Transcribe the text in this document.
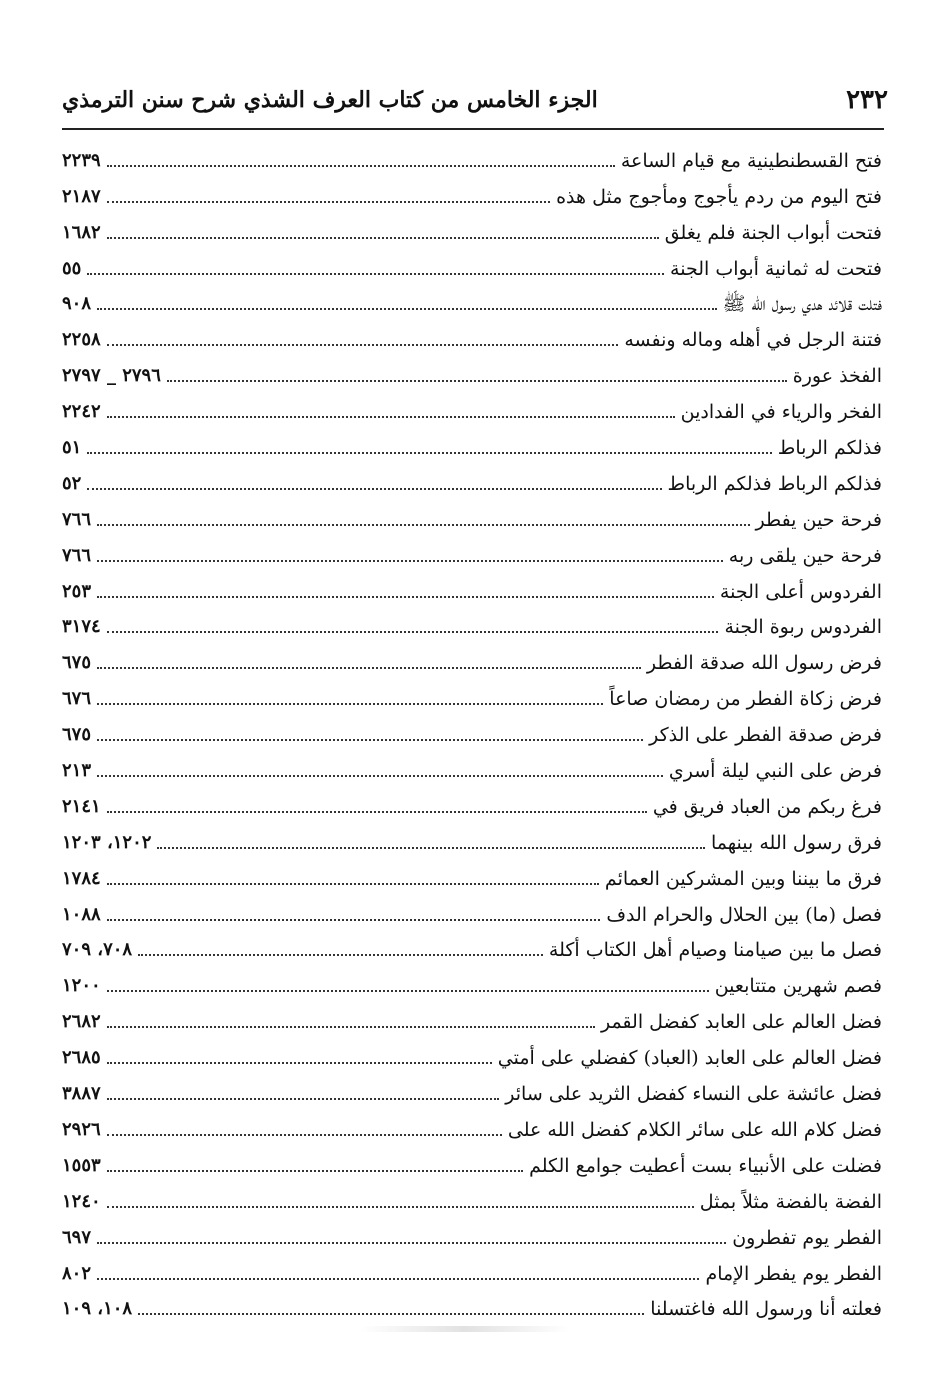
٢٣٢
الجزء الخامس من كتاب العرف الشذي شرح سنن الترمذي
فتح القسطنطينية مع قيام الساعة
٢٢٣٩
فتح اليوم من ردم يأجوج ومأجوج مثل هذه
٢١٨٧
فتحت أبواب الجنة فلم يغلق
١٦٨٢
فتحت له ثمانية أبواب الجنة
٥٥
فتلت قلائد هدي رسول الله ﷺ
٩٠٨
فتنة الرجل في أهله وماله ونفسه
٢٢٥٨
الفخذ عورة
٢٧٩٦ _ ٢٧٩٧
الفخر والرياء في الفدادين
٢٢٤٢
فذلكم الرباط
٥١
فذلكم الرباط فذلكم الرباط
٥٢
فرحة حين يفطر
٧٦٦
فرحة حين يلقى ربه
٧٦٦
الفردوس أعلى الجنة
٢٥٣
الفردوس ربوة الجنة
٣١٧٤
فرض رسول الله صدقة الفطر
٦٧٥
فرض زكاة الفطر من رمضان صاعاً
٦٧٦
فرض صدقة الفطر على الذكر
٦٧٥
فرض على النبي ليلة أسري
٢١٣
فرغ ربكم من العباد فريق في
٢١٤١
فرق رسول الله بينهما
١٢٠٢، ١٢٠٣
فرق ما بيننا وبين المشركين العمائم
١٧٨٤
فصل (ما) بين الحلال والحرام الدف
١٠٨٨
فصل ما بين صيامنا وصيام أهل الكتاب أكلة
٧٠٨، ٧٠٩
فصم شهرين متتابعين
١٢٠٠
فضل العالم على العابد كفضل القمر
٢٦٨٢
فضل العالم على العابد (العباد) كفضلي على أمتي
٢٦٨٥
فضل عائشة على النساء كفضل الثريد على سائر
٣٨٨٧
فضل كلام الله على سائر الكلام كفضل الله على
٢٩٢٦
فضلت على الأنبياء بست أعطيت جوامع الكلم
١٥٥٣
الفضة بالفضة مثلاً بمثل
١٢٤٠
الفطر يوم تفطرون
٦٩٧
الفطر يوم يفطر الإمام
٨٠٢
فعلته أنا ورسول الله فاغتسلنا
١٠٨، ١٠٩
